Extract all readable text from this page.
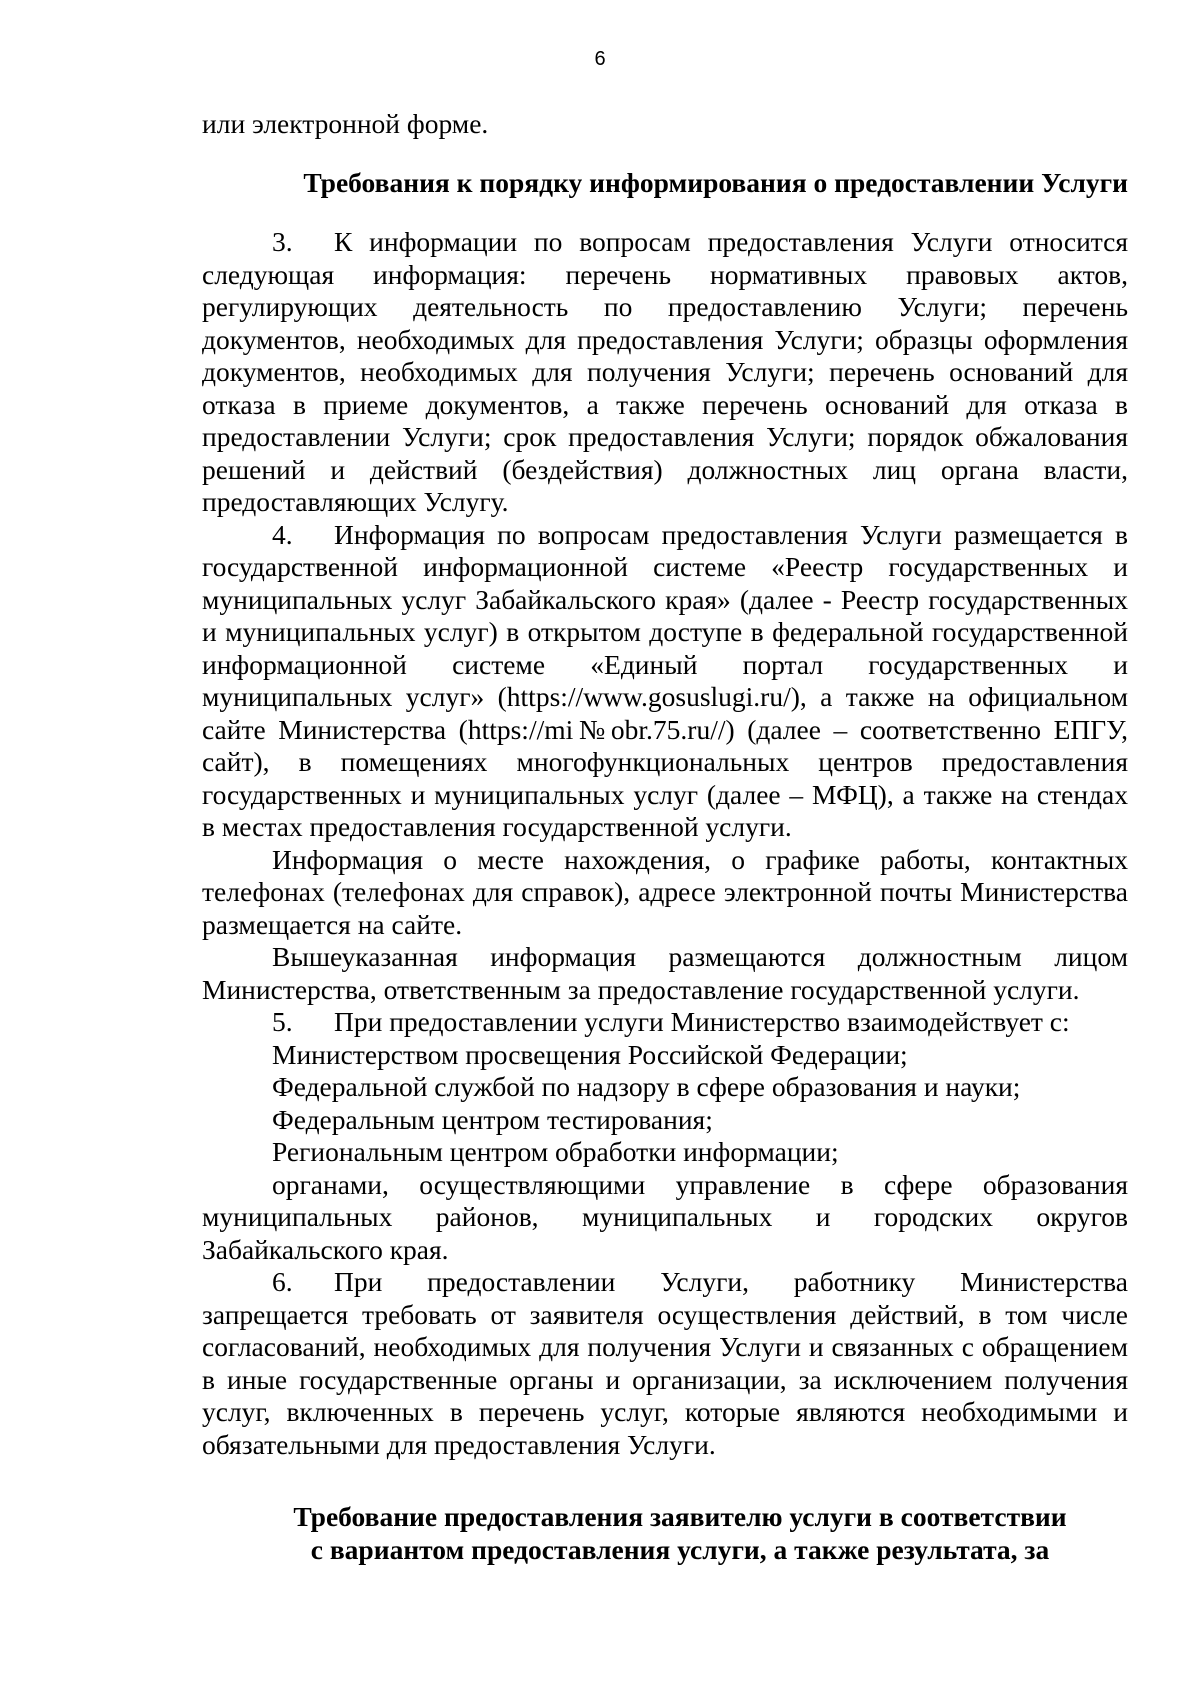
6

или электронной форме.

Требования к порядку информирования о предоставлении Услуги

3. К информации по вопросам предоставления Услуги относится следующая информация: перечень нормативных правовых актов, регулирующих деятельность по предоставлению Услуги; перечень документов, необходимых для предоставления Услуги; образцы оформления документов, необходимых для получения Услуги; перечень оснований для отказа в приеме документов, а также перечень оснований для отказа в предоставлении Услуги; срок предоставления Услуги; порядок обжалования решений и действий (бездействия) должностных лиц органа власти, предоставляющих Услугу.

4. Информация по вопросам предоставления Услуги размещается в государственной информационной системе «Реестр государственных и муниципальных услуг Забайкальского края» (далее - Реестр государственных и муниципальных услуг) в открытом доступе в федеральной государственной информационной системе «Единый портал государственных и муниципальных услуг» (https://www.gosuslugi.ru/), а также на официальном сайте Министерства (https://mi№obr.75.ru//) (далее – соответственно ЕПГУ, сайт), в помещениях многофункциональных центров предоставления государственных и муниципальных услуг (далее – МФЦ), а также на стендах в местах предоставления государственной услуги.

Информация о месте нахождения, о графике работы, контактных телефонах (телефонах для справок), адресе электронной почты Министерства размещается на сайте.

Вышеуказанная информация размещаются должностным лицом Министерства, ответственным за предоставление государственной услуги.

5. При предоставлении услуги Министерство взаимодействует с:

Министерством просвещения Российской Федерации;

Федеральной службой по надзору в сфере образования и науки;

Федеральным центром тестирования;

Региональным центром обработки информации;

органами, осуществляющими управление в сфере образования муниципальных районов, муниципальных и городских округов Забайкальского края.

6. При предоставлении Услуги, работнику Министерства запрещается требовать от заявителя осуществления действий, в том числе согласований, необходимых для получения Услуги и связанных с обращением в иные государственные органы и организации, за исключением получения услуг, включенных в перечень услуг, которые являются необходимыми и обязательными для предоставления Услуги.

Требование предоставления заявителю услуги в соответствии
с вариантом предоставления услуги, а также результата, за
